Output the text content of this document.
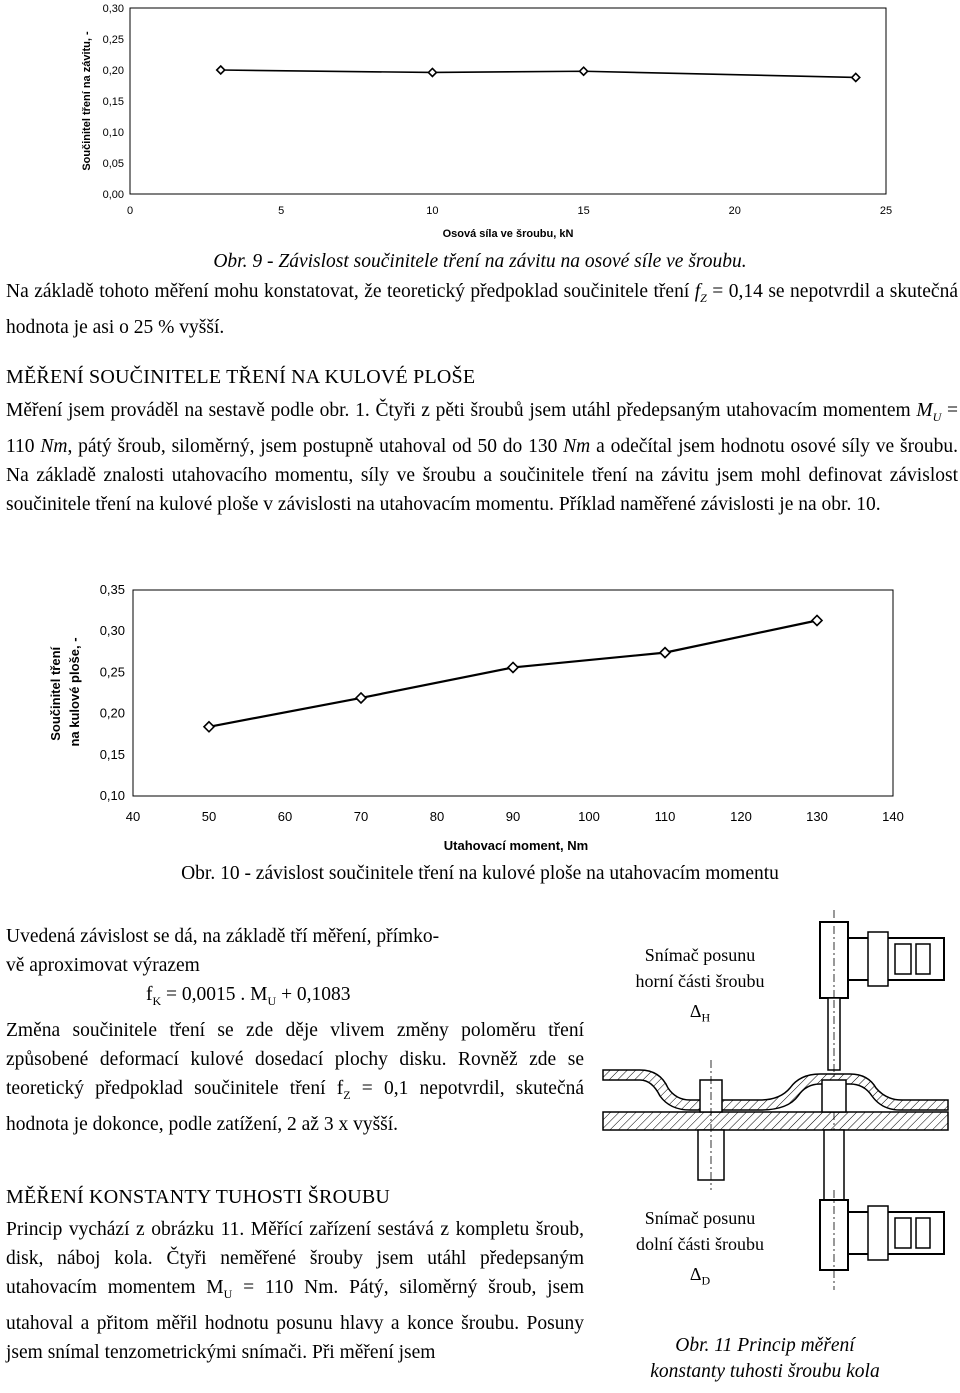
0,00
0,05
0,10
0,15
0,20
0,25
0,30
0	5	10	15	20	25
Osová síla ve šroubu, kN
Součinitel tření na závitu, -
Obr. 9 - Závislost součinitele tření na závitu na osové síle ve šroubu.
Na základě tohoto měření mohu konstatovat, že teoretický předpoklad součinitele tření $f_Z = 0,14$ se nepotvrdil a skutečná hodnota je asi o 25 % vyšší.
MĚŘENÍ SOUČINITELE TŘENÍ NA KULOVÉ PLOŠE
Měření jsem prováděl na sestavě podle obr. 1. Čtyři z pěti šroubů jsem utáhl předepsaným utahovacím momentem $M_U = 110$ Nm, pátý šroub, siloměrný, jsem postupně utahoval od 50 do 130 Nm a odečítal jsem hodnotu osové síly ve šroubu. Na základě znalosti utahovacího momentu, síly ve šroubu a součinitele tření na závitu jsem mohl definovat závislost součinitele tření na kulové ploše v závislosti na utahovacím momentu. Příklad naměřené závislosti je na obr. 10.
0,10
0,15
0,20
0,25
0,30
0,35
40	50	60	70	80	90	100	110	120	130	140
Utahovací moment, Nm
Součinitel tření na kulové ploše, -
Obr. 10 - závislost součinitele tření na kulové ploše na utahovacím momentu
Uvedená závislost se dá, na základě tří měření, přímko-
vě aproximovat výrazem
$f_K = 0,0015$ . $M_U + 0,1083$
Změna součinitele tření se zde děje vlivem změny poloměru tření způsobené deformací kulové dosedací plochy disku. Rovněž zde se teoretický předpoklad součinitele tření $f_Z = 0,1$ nepotvrdil, skutečná hodnota je dokonce, podle zatížení, 2 až 3 x vyšší.
MĚŘENÍ KONSTANTY TUHOSTI ŠROUBU
Princip vychází z obrázku 11. Měřící zařízení sestává z kompletu šroub, disk, náboj kola. Čtyři neměřené šrouby jsem utáhl předepsaným utahovacím momentem $M_U = 110$ Nm. Pátý, siloměrný šroub, jsem utahoval a přitom měřil hodnotu posunu hlavy a konce šroubu. Posuny jsem snímal tenzometrickými snímači. Při měření jsem
Snímač posunu
horní části šroubu
$\Delta_H$
Snímač posunu
dolní části šroubu
$\Delta_D$
Obr. 11 Princip měření
konstanty tuhosti šroubu kola
